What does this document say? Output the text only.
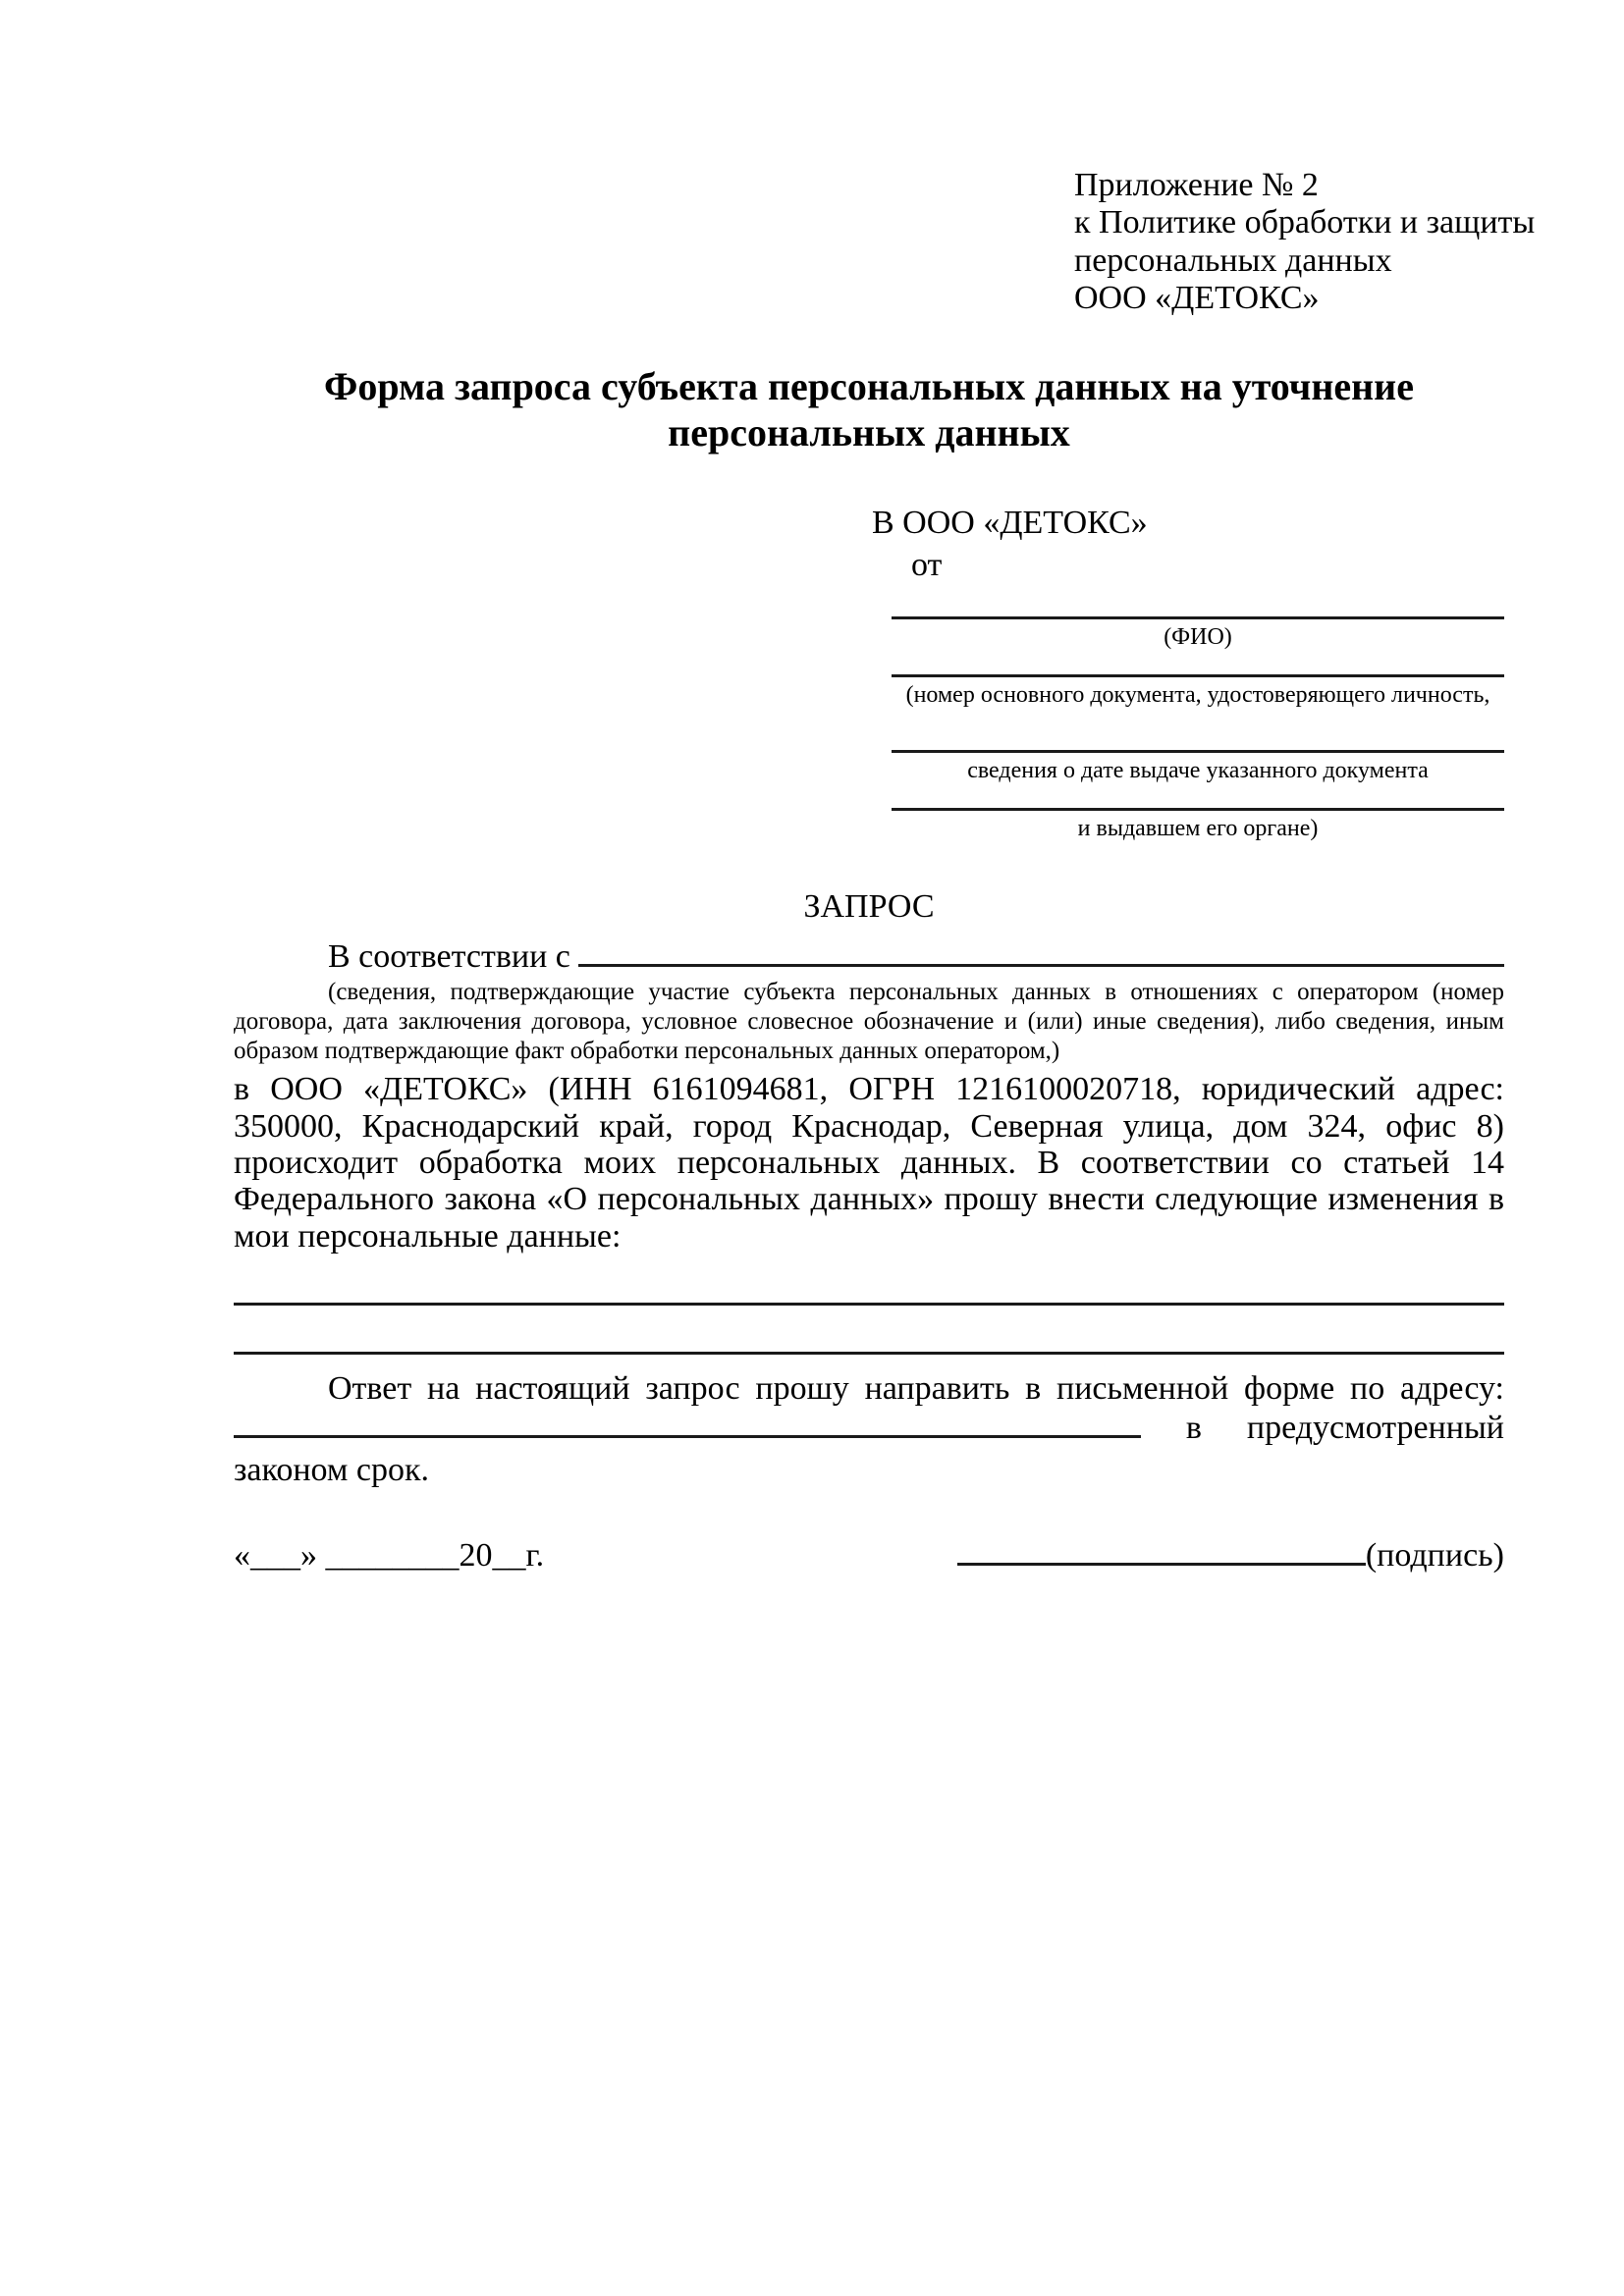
Приложение № 2
к Политике обработки и защиты
персональных данных
ООО «ДЕТОКС»
Форма запроса субъекта персональных данных на уточнение персональных данных
В ООО «ДЕТОКС»
от
(ФИО)
(номер основного документа, удостоверяющего личность,
сведения о дате выдаче указанного документа
и выдавшем его органе)
ЗАПРОС
В соответствии с
(сведения, подтверждающие участие субъекта персональных данных в отношениях с оператором (номер договора, дата заключения договора, условное словесное обозначение и (или) иные сведения), либо сведения, иным образом подтверждающие факт обработки персональных данных оператором,)
в ООО «ДЕТОКС» (ИНН 6161094681, ОГРН 1216100020718, юридический адрес: 350000, Краснодарский край, город Краснодар, Северная улица, дом 324, офис 8) происходит обработка моих персональных данных. В соответствии со статьей 14 Федерального закона «О персональных данных» прошу внести следующие изменения в мои персональные данные:
Ответ на настоящий запрос прошу направить в письменной форме по адресу:
в предусмотренный
законом срок.
«___» ________20__г.	(подпись)
